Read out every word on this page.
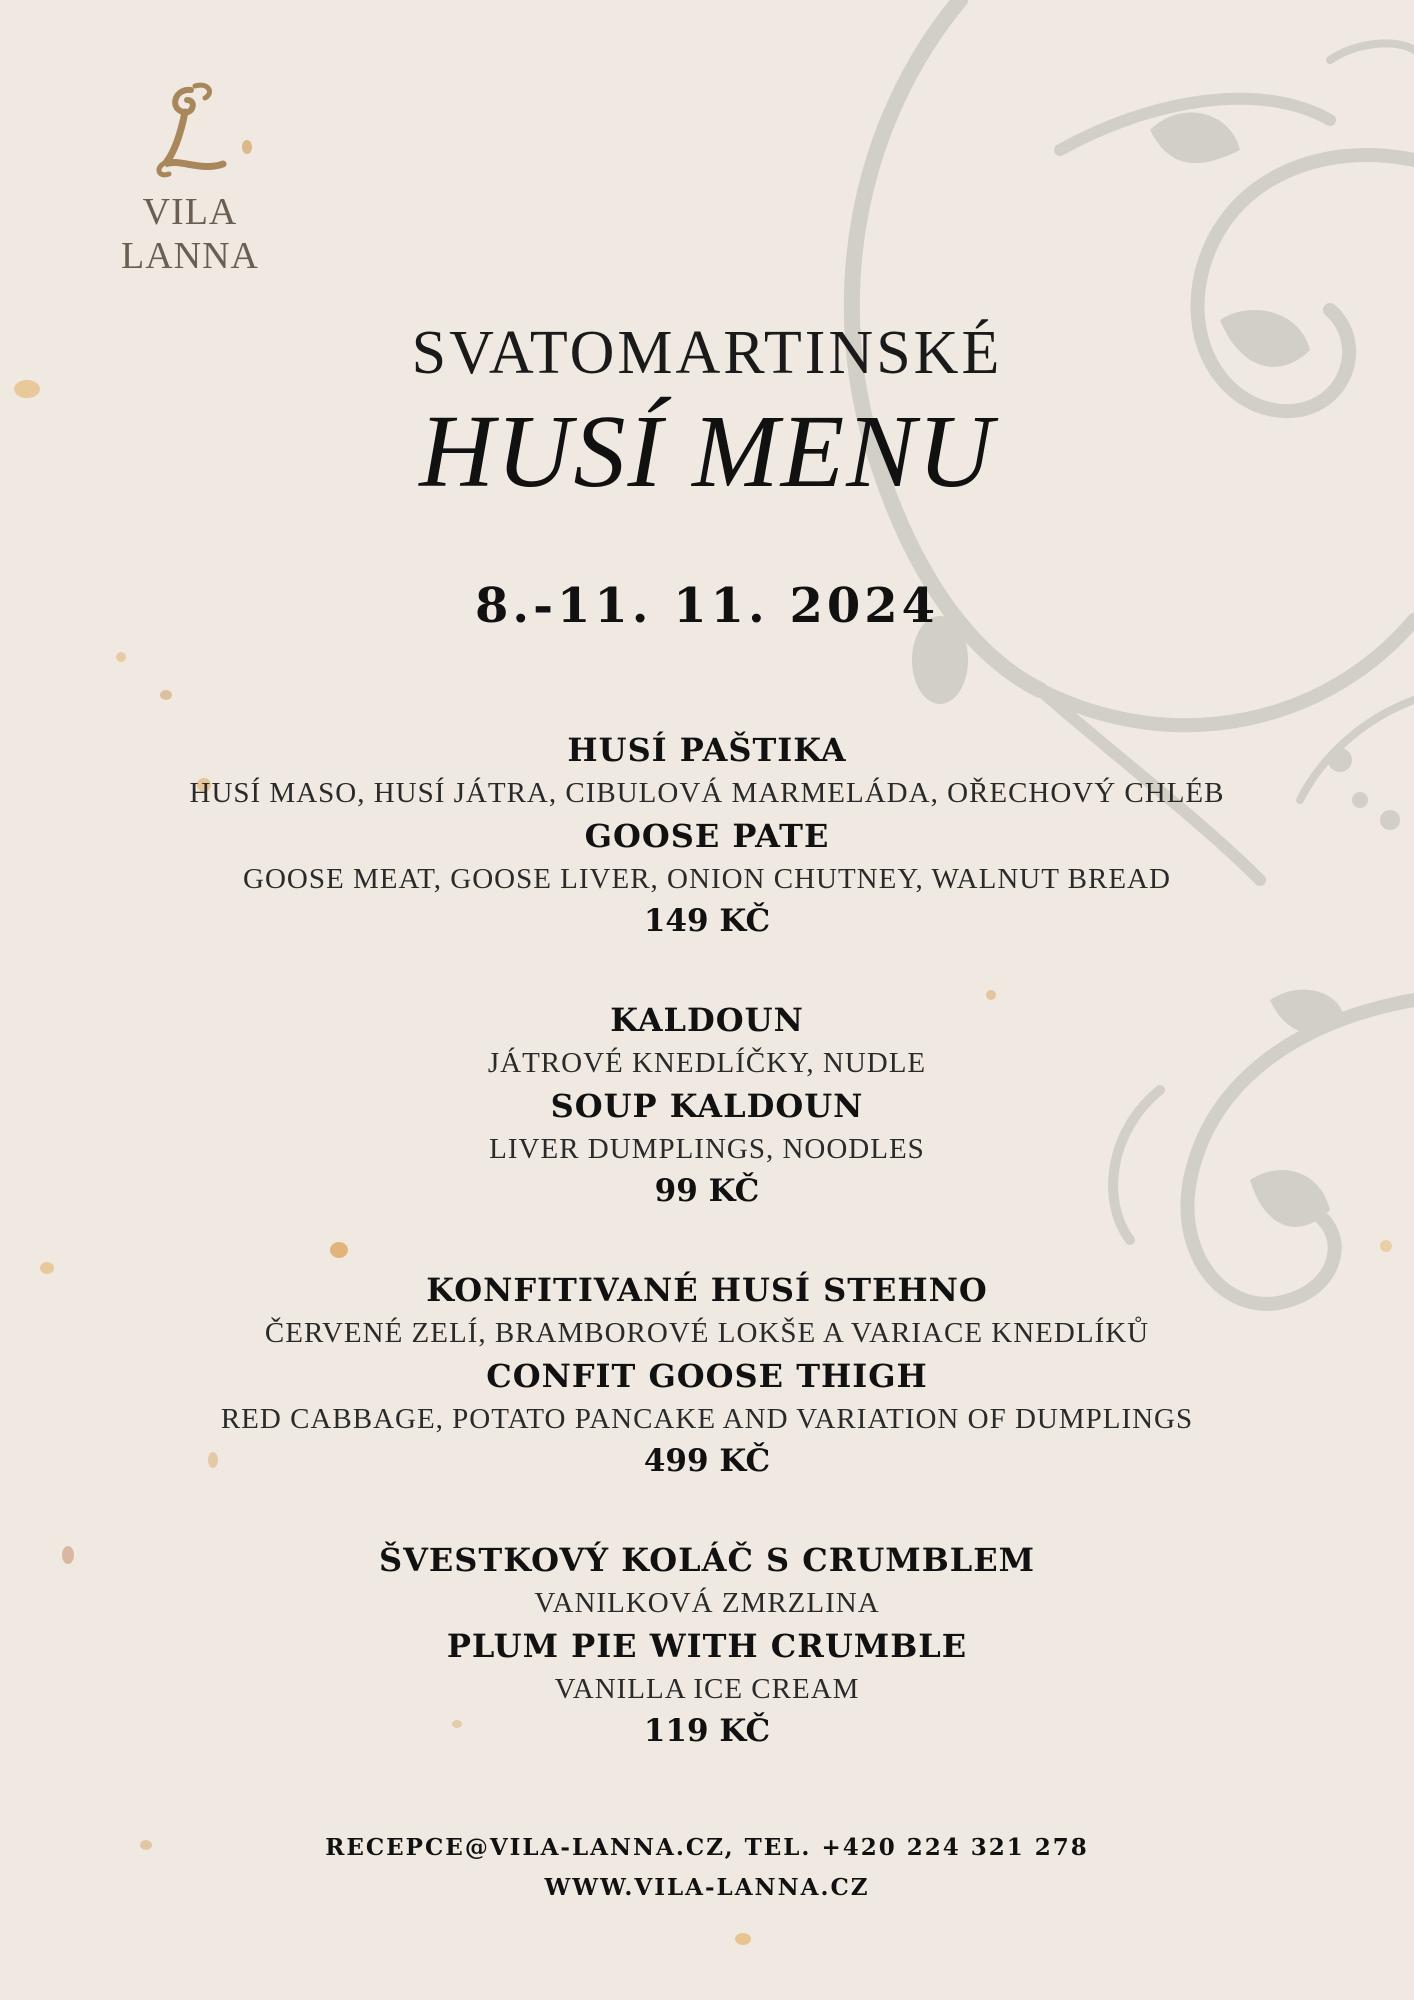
VILA LANNA
SVATOMARTINSKÉ
HUSÍ MENU
8.-11. 11. 2024
HUSÍ PAŠTIKA
HUSÍ MASO, HUSÍ JÁTRA, CIBULOVÁ MARMELÁDA, OŘECHOVÝ CHLÉB
GOOSE PATE
GOOSE MEAT, GOOSE LIVER, ONION CHUTNEY, WALNUT BREAD
149 KČ
KALDOUN
JÁTROVÉ KNEDLÍČKY, NUDLE
SOUP KALDOUN
LIVER DUMPLINGS, NOODLES
99 KČ
KONFITIVANÉ HUSÍ STEHNO
ČERVENÉ ZELÍ, BRAMBOROVÉ LOKŠE A VARIACE KNEDLÍKŮ
CONFIT GOOSE THIGH
RED CABBAGE, POTATO PANCAKE AND VARIATION OF DUMPLINGS
499 KČ
ŠVESTKOVÝ KOLÁČ S CRUMBLEM
VANILKOVÁ ZMRZLINA
PLUM PIE WITH CRUMBLE
VANILLA ICE CREAM
119 KČ
RECEPCE@VILA-LANNA.CZ, TEL. +420 224 321 278
WWW.VILA-LANNA.CZ
